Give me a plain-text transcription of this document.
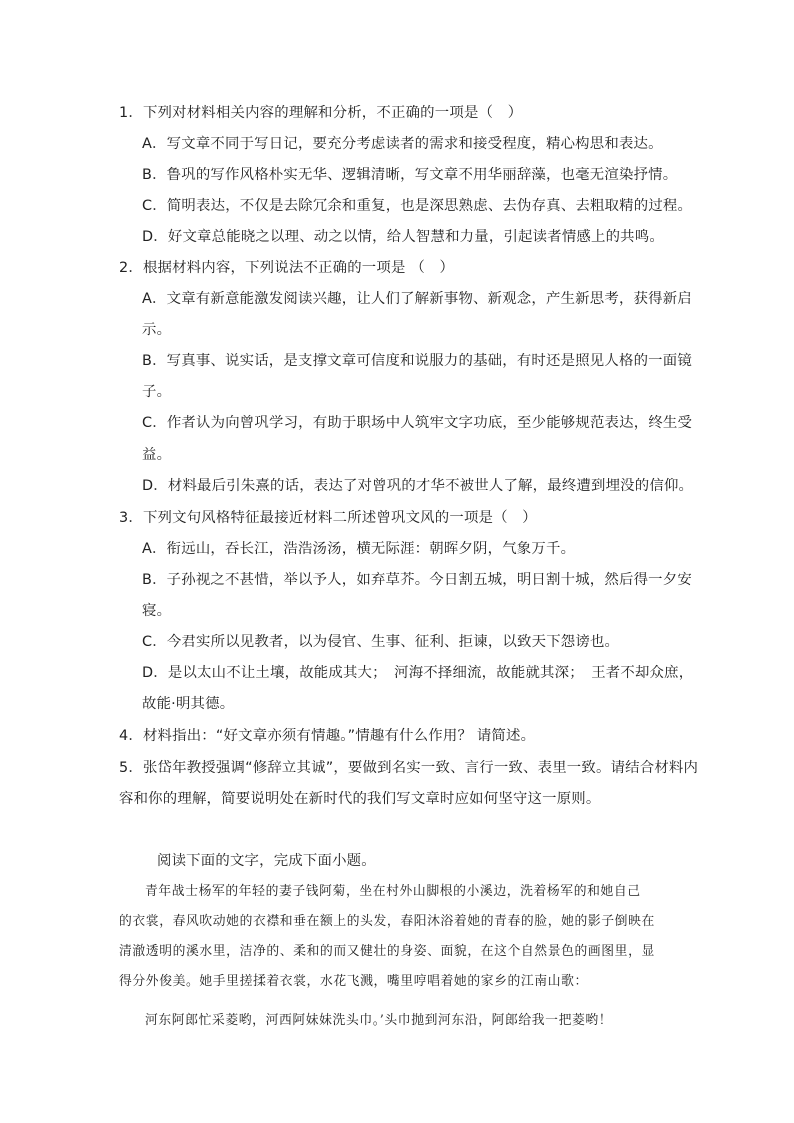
1．下列对材料相关内容的理解和分析，不正确的一项是（　）
A．写文章不同于写日记，要充分考虑读者的需求和接受程度，精心构思和表达。
B．鲁巩的写作风格朴实无华、逻辑清晰，写文章不用华丽辞藻，也毫无渲染抒情。
C．简明表达，不仅是去除冗余和重复，也是深思熟虑、去伪存真、去粗取精的过程。
D．好文章总能晓之以理、动之以情，给人智慧和力量，引起读者情感上的共鸣。
2．根据材料内容，下列说法不正确的一项是 （　）
A．文章有新意能激发阅读兴趣，让人们了解新事物、新观念，产生新思考，获得新启
示。
B．写真事、说实话，是支撑文章可信度和说服力的基础，有时还是照见人格的一面镜
子。
C．作者认为向曾巩学习，有助于职场中人筑牢文字功底，至少能够规范表达，终生受
益。
D．材料最后引朱熹的话，表达了对曾巩的才华不被世人了解，最终遭到埋没的信仰。
3．下列文句风格特征最接近材料二所述曾巩文风的一项是（　）
A．衔远山，吞长江，浩浩汤汤，横无际涯：朝晖夕阴，气象万千。
B．子孙视之不甚惜，举以予人，如弃草芥。今日割五城，明日割十城，然后得一夕安
寝。
C．今君实所以见教者，以为侵官、生事、征利、拒谏，以致天下怨谤也。
D．是以太山不让土壤，故能成其大；　河海不择细流，故能就其深；　王者不却众庶，
故能·明其德。
4．材料指出：“好文章亦须有情趣。”情趣有什么作用？ 请简述。
5．张岱年教授强调“修辞立其诚”，要做到名实一致、言行一致、表里一致。请结合材料内
容和你的理解，简要说明处在新时代的我们写文章时应如何坚守这一原则。
阅读下面的文字，完成下面小题。
青年战士杨军的年轻的妻子钱阿菊，坐在村外山脚根的小溪边，洗着杨军的和她自己
的衣裳，春风吹动她的衣襟和垂在额上的头发，春阳沐浴着她的青春的脸，她的影子倒映在
清澈透明的溪水里，洁净的、柔和的而又健壮的身姿、面貌，在这个自然景色的画图里，显
得分外俊美。她手里搓揉着衣裳，水花飞溅，嘴里哼唱着她的家乡的江南山歌：
河东阿郎忙采菱哟，河西阿妹妹洗头巾。’头巾抛到河东沿，阿郎给我一把菱哟！
